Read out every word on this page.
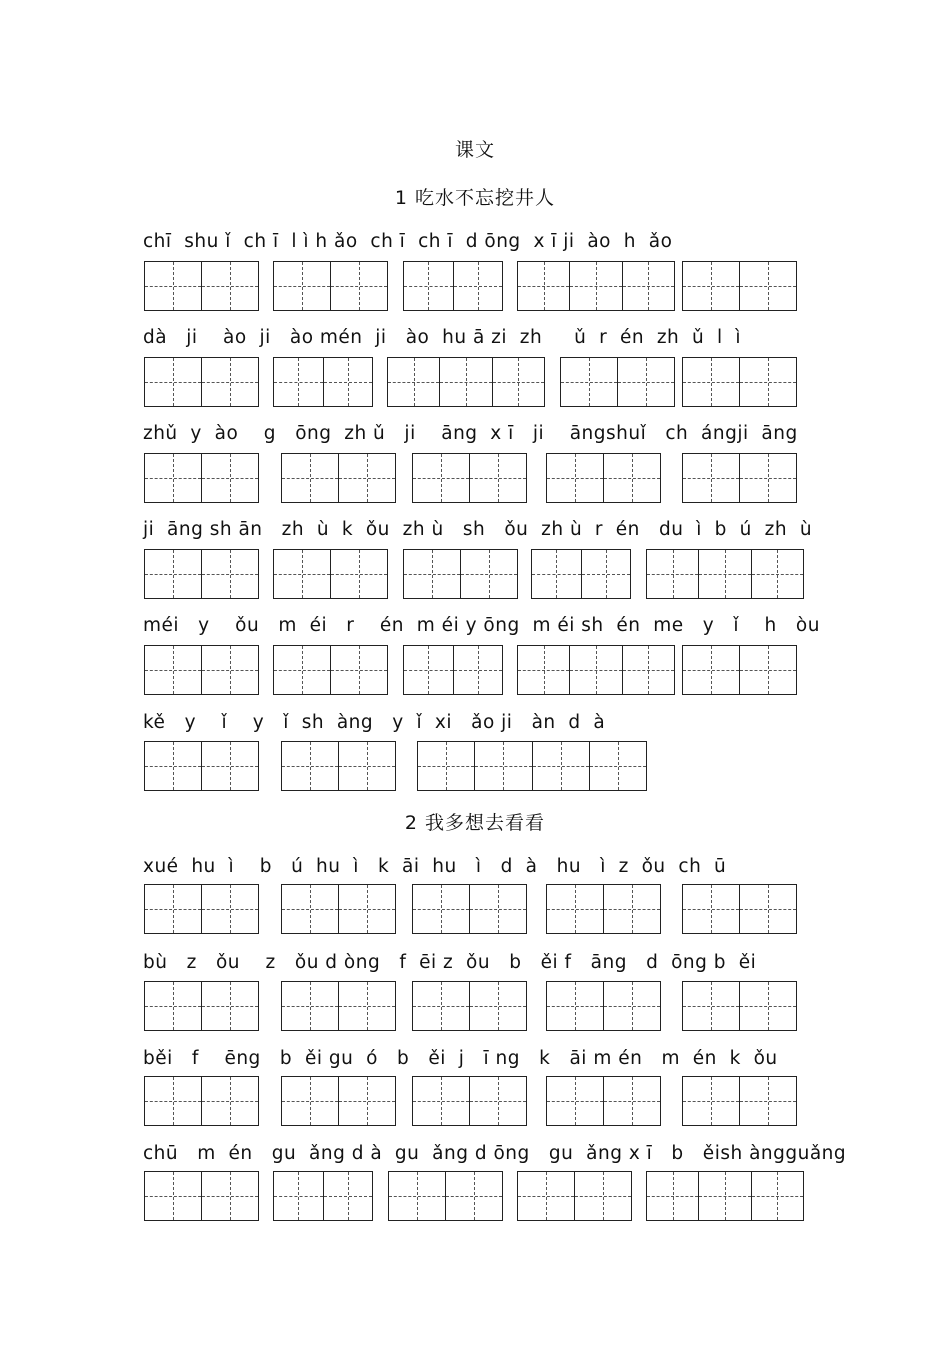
课文
1 吃水不忘挖井人
chī  shu ǐ  ch ī  l ì h ǎo  ch ī  ch ī  d ōng  x ī ji  ào  h  ǎo
dà   ji    ào  ji   ào mén  ji   ào  hu ā zi  zh     ǔ  r  én  zh  ǔ  l  ì
zhǔ  y  ào    g   ōng  zh ǔ   ji    āng  x ī   ji    āngshuǐ   ch  ángji  āng
ji  āng sh ān   zh  ù  k  ǒu  zh ù   sh   ǒu  zh ù  r  én   du  ì  b  ú  zh  ù
méi   y    ǒu   m  éi   r    én  m éi y ōng  m éi sh  én  me   y   ǐ    h   òu
kě   y    ǐ    y   ǐ  sh  àng   y  ǐ  xi   ǎo ji   àn  d  à
2 我多想去看看
xué  hu  ì    b   ú  hu  ì   k  āi  hu   ì   d  à   hu   ì  z  ǒu  ch  ū
bù   z   ǒu    z   ǒu d òng   f  ēi z  ǒu   b   ěi f   āng   d  ōng b  ěi
běi   f    ēng   b  ěi gu  ó   b   ěi  j   ī ng   k   āi m én   m  én  k  ǒu
chū   m  én   gu  ǎng d à  gu  ǎng d ōng   gu  ǎng x ī   b   ěish àngguǎng
